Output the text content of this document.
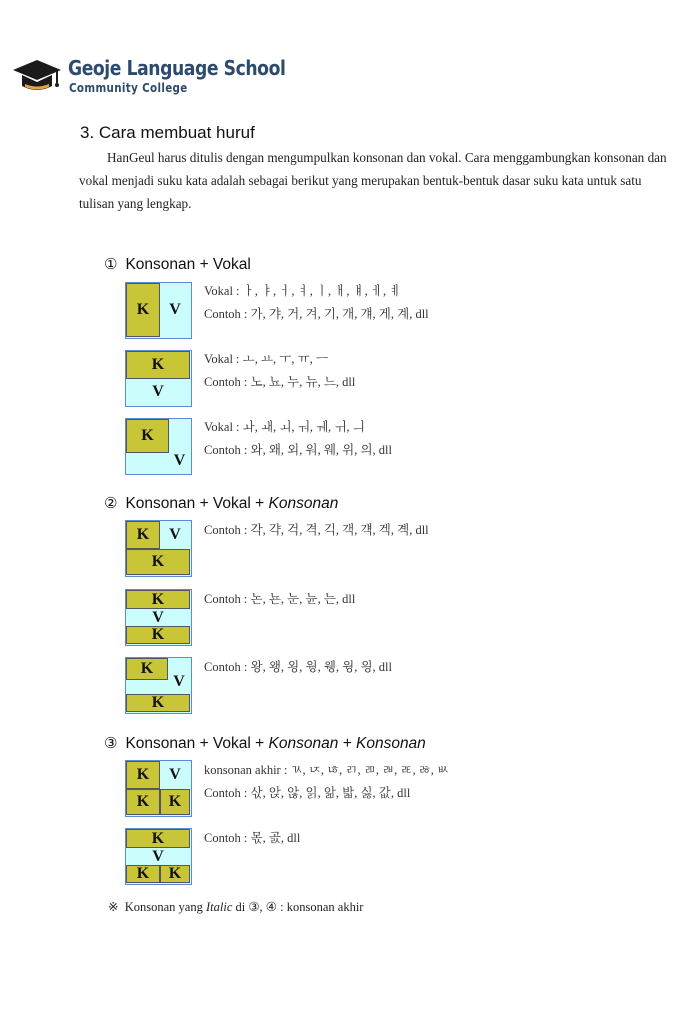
Geoje Language School
Community College
3. Cara membuat huruf
HanGeul harus ditulis dengan mengumpulkan konsonan dan vokal. Cara menggambungkan konsonan dan vokal menjadi suku kata adalah sebagai berikut yang merupakan bentuk-bentuk dasar suku kata untuk satu tulisan yang lengkap.
① Konsonan + Vokal
K	V
Vokal : ㅏ, ㅑ, ㅓ, ㅕ, ㅣ, ㅐ, ㅒ, ㅔ, ㅖ
Contoh : 가, 갸, 거, 겨, 기, 개, 걔, 게, 계, dll
K
V
Vokal : ㅗ, ㅛ, ㅜ, ㅠ, ㅡ
Contoh : 노, 뇨, 누, 뉴, 느, dll
K
V
Vokal : ㅘ, ㅙ, ㅚ, ㅝ, ㅞ, ㅟ, ㅢ
Contoh : 와, 왜, 외, 워, 웨, 위, 의, dll
② Konsonan + Vokal + Konsonan
K	V
K
Contoh : 각, 갹, 걱, 격, 긱, 객, 걕, 겍, 곅, dll
K
V
K
Contoh : 논, 뇬, 눈, 뉸, 는, dll
K
V
K
Contoh : 왕, 왱, 욍, 웡, 웽, 윙, 읭, dll
③ Konsonan + Vokal + Konsonan + Konsonan
K	V
K	K
konsonan akhir : ㄳ, ㄵ, ㄶ, ㄺ, ㄻ, ㄼ, ㄾ, ㅀ, ㅄ
Contoh : 삯, 앉, 않, 읽, 앎, 밟, 싫, 값, dll
K
V
K	K
Contoh : 몫, 곬, dll
※ Konsonan yang Italic di ③, ④ : konsonan akhir
